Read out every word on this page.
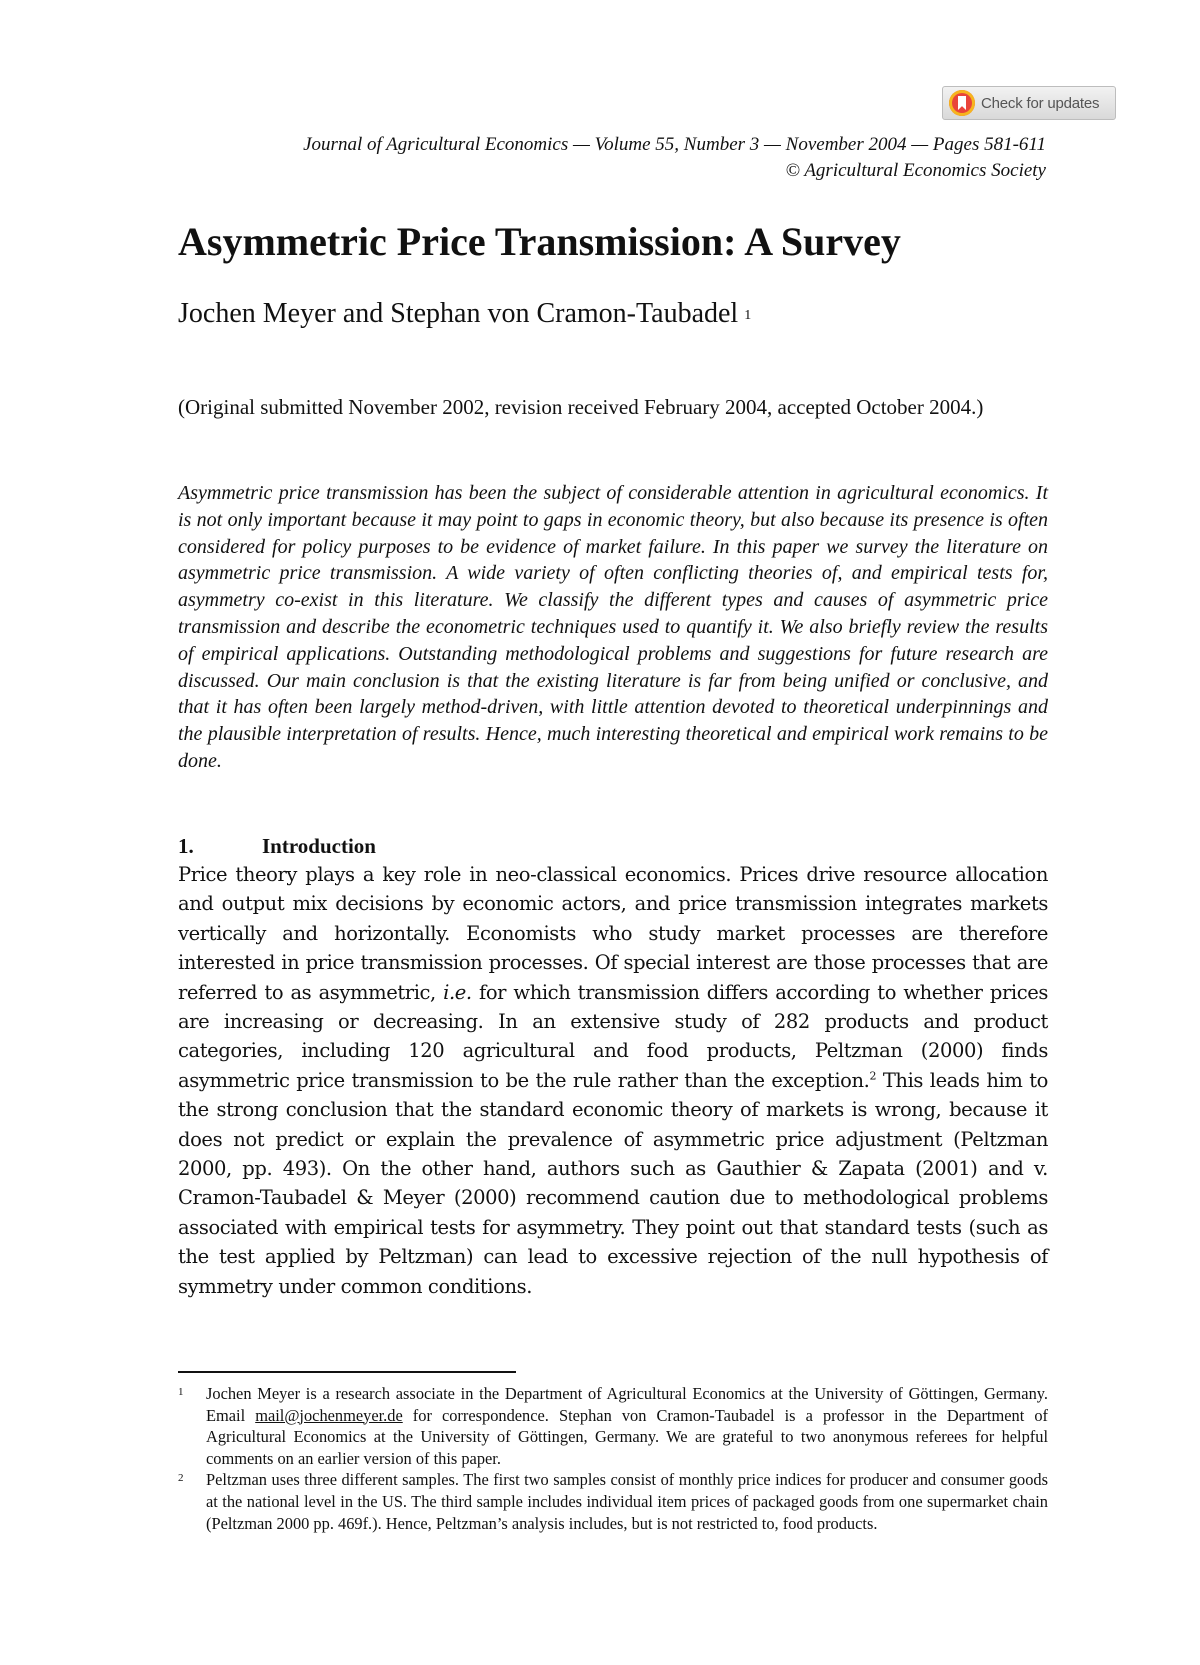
Check for updates
Journal of Agricultural Economics — Volume 55, Number 3 — November 2004 — Pages 581-611
© Agricultural Economics Society
Asymmetric Price Transmission: A Survey
Jochen Meyer and Stephan von Cramon-Taubadel $^1$
(Original submitted November 2002, revision received February 2004, accepted October 2004.)
Asymmetric price transmission has been the subject of considerable attention in agricultural economics. It is not only important because it may point to gaps in economic theory, but also because its presence is often considered for policy purposes to be evidence of market failure. In this paper we survey the literature on asymmetric price transmission. A wide variety of often conflicting theories of, and empirical tests for, asymmetry co-exist in this literature. We classify the different types and causes of asymmetric price transmission and describe the econometric techniques used to quantify it. We also briefly review the results of empirical applications. Outstanding methodological problems and suggestions for future research are discussed. Our main conclusion is that the existing literature is far from being unified or conclusive, and that it has often been largely method-driven, with little attention devoted to theoretical underpinnings and the plausible interpretation of results. Hence, much interesting theoretical and empirical work remains to be done.
1.	Introduction
Price theory plays a key role in neo-classical economics. Prices drive resource allocation and output mix decisions by economic actors, and price transmission integrates markets vertically and horizontally. Economists who study market processes are therefore interested in price transmission processes. Of special interest are those processes that are referred to as asymmetric, i.e. for which transmission differs according to whether prices are increasing or decreasing. In an extensive study of 282 products and product categories, including 120 agricultural and food products, Peltzman (2000) finds asymmetric price transmission to be the rule rather than the exception.$^2$ This leads him to the strong conclusion that the standard economic theory of markets is wrong, because it does not predict or explain the prevalence of asymmetric price adjustment (Peltzman 2000, pp. 493). On the other hand, authors such as Gauthier & Zapata (2001) and v. Cramon-Taubadel & Meyer (2000) recommend caution due to methodological problems associated with empirical tests for asymmetry. They point out that standard tests (such as the test applied by Peltzman) can lead to excessive rejection of the null hypothesis of symmetry under common conditions.
1	Jochen Meyer is a research associate in the Department of Agricultural Economics at the University of Göttingen, Germany. Email mail@jochenmeyer.de for correspondence. Stephan von Cramon-Taubadel is a professor in the Department of Agricultural Economics at the University of Göttingen, Germany. We are grateful to two anonymous referees for helpful comments on an earlier version of this paper.
2	Peltzman uses three different samples. The first two samples consist of monthly price indices for producer and consumer goods at the national level in the US. The third sample includes individual item prices of packaged goods from one supermarket chain (Peltzman 2000 pp. 469f.). Hence, Peltzman’s analysis includes, but is not restricted to, food products.
